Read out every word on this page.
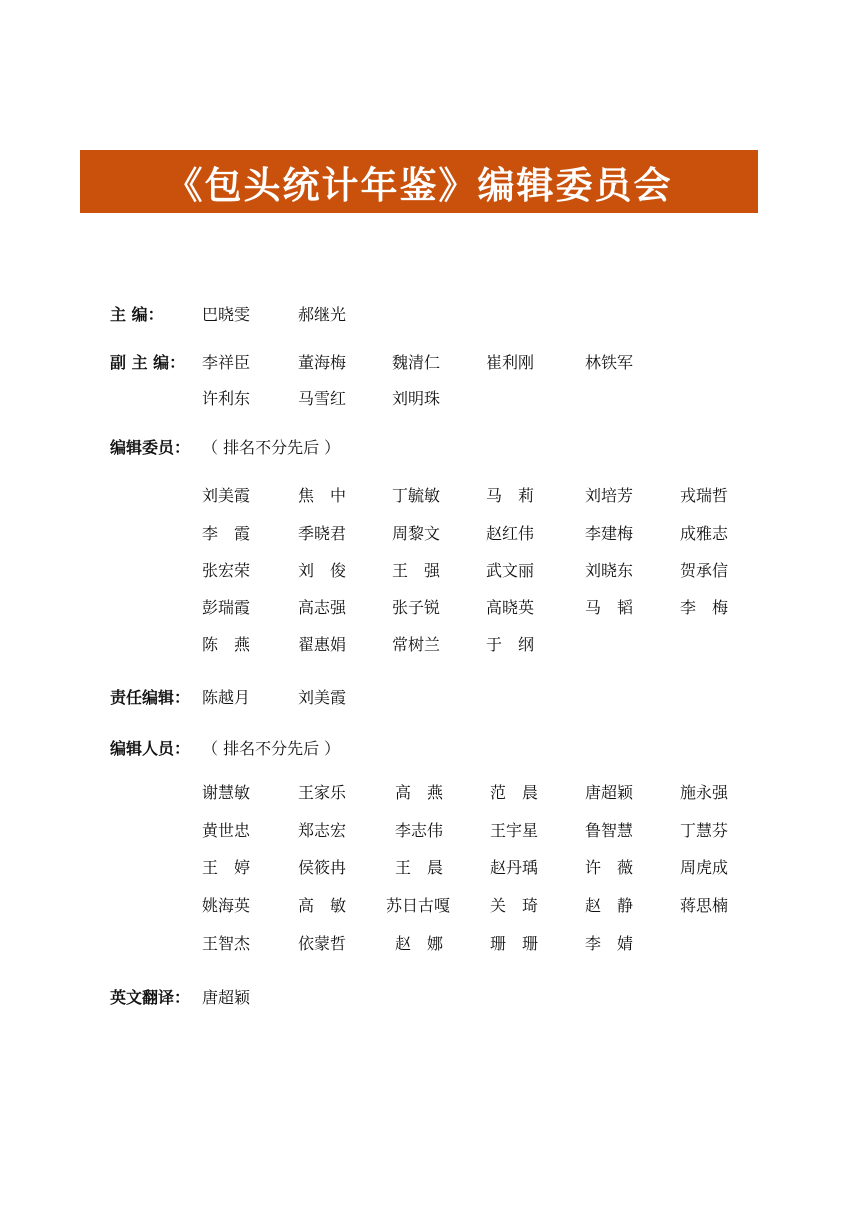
《包头统计年鉴》编辑委员会
主 编： 巴晓雯	郝继光
副 主 编： 李祥臣	董海梅	魏清仁	崔利刚	林铁军
许利东	马雪红	刘明珠
编辑委员： （ 排名不分先后 ）
刘美霞	焦　中	丁毓敏	马　莉	刘培芳	戎瑞哲
李　霞	季晓君	周黎文	赵红伟	李建梅	成雅志
张宏荣	刘　俊	王　强	武文丽	刘晓东	贺承信
彭瑞霞	高志强	张子锐	高晓英	马　韬	李　梅
陈　燕	翟惠娟	常树兰	于　纲
责任编辑： 陈越月	刘美霞
编辑人员： （ 排名不分先后 ）
谢慧敏	王家乐	高　燕	范　晨	唐超颖	施永强
黄世忠	郑志宏	李志伟	王宇星	鲁智慧	丁慧芬
王　婷	侯筱冉	王　晨	赵丹瑀	许　薇	周虎成
姚海英	高　敏 苏日古嘎 关　琦	赵　静	蒋思楠
王智杰	依蒙哲	赵　娜	珊　珊	李　婧
英文翻译： 唐超颖
